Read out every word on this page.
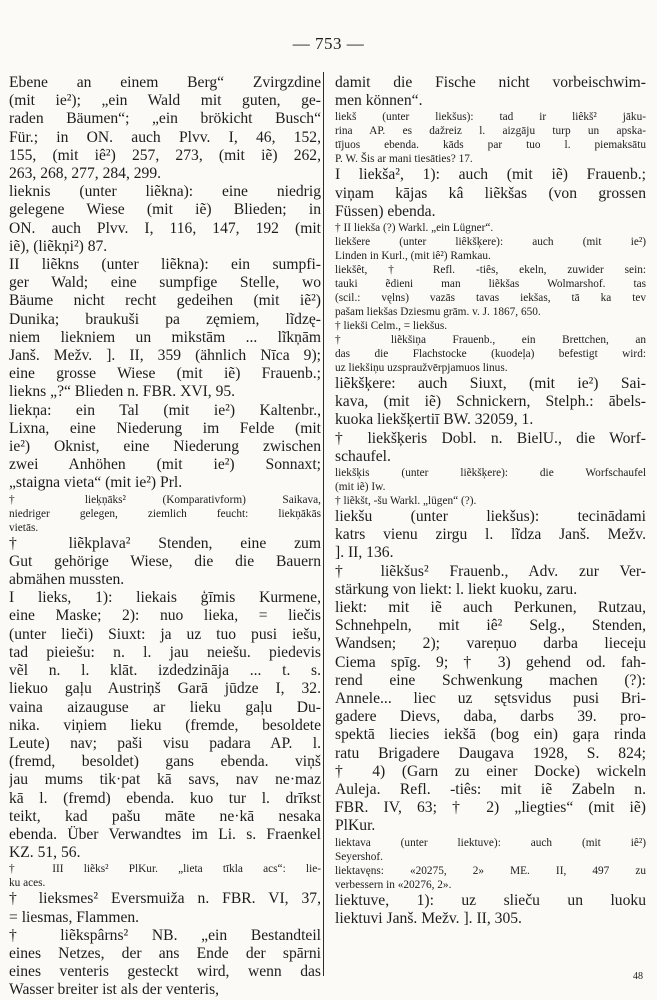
— 753 —
Ebene an einem Berg“ Zvirgzdine
(mit ie²); „ein Wald mit guten, ge-
raden Bäumen“; „ein brökicht Busch“
Für.; in ON. auch Plvv. I, 46, 152,
155, (mit iê²) 257, 273, (mit iẽ) 262,
263, 268, 277, 284, 299.
lieknis (unter liẽkna): eine niedrig
gelegene Wiese (mit iẽ) Blieden; in
ON. auch Plvv. I, 116, 147, 192 (mit
iẽ), (liẽkņi²) 87.
II liẽkns (unter liẽkna): ein sumpfi-
ger Wald; eine sumpfige Stelle, wo
Bäume nicht recht gedeihen (mit iẽ²)
Dunika; braukuši pa zęmiem, lĩdzę-
niem liekniem un mikstām ... lĩkņām
Janš. Mežv. ]. II, 359 (ähnlich Nīca 9);
eine grosse Wiese (mit iẽ) Frauenb.;
liekns „?“ Blieden n. FBR. XVI, 95.
liekņa: ein Tal (mit ie²) Kaltenbr.,
Lixna, eine Niederung im Felde (mit
ie²) Oknist, eine Niederung zwischen
zwei Anhöhen (mit ie²) Sonnaxt;
„staigna vieta“ (mit ie²) Prl.
† lieķņāks² (Komparativform) Saikava,
niedriger gelegen, ziemlich feucht: liekņākās
vietās.
† liẽkplava² Stenden, eine zum
Gut gehörige Wiese, die die Bauern
abmähen mussten.
I lieks, 1): liekais ģīmis Kurmene,
eine Maske; 2): nuo lieka, = liečis
(unter lieči) Siuxt: ja uz tuo pusi iešu,
tad pieiešu: n. l. jau neiešu. piedevis
vẽl n. l. klāt. izdedzināja ... t. s.
liekuo gaļu Austriņš Garā jūdze I, 32.
vaina aizauguse ar lieku gaļu Du-
nika. viņiem lieku (fremde, besoldete
Leute) nav; paši visu padara AP. l.
(fremd, besoldet) gans ebenda. viņš
jau mums tik·pat kā savs, nav ne·maz
kā l. (fremd) ebenda. kuo tur l. drīkst
teikt, kad pašu māte ne·kā nesaka
ebenda. Über Verwandtes im Li. s. Fraenkel
KZ. 51, 56.
† III liẽks² PlKur. „lieta tīkla acs“: lie-
ku aces.
† lieksmes² Eversmuiža n. FBR. VI, 37,
= liesmas, Flammen.
† liẽkspârns² NB. „ein Bestandteil
eines Netzes, der ans Ende der spārni
eines venteris gesteckt wird, wenn das
Wasser breiter ist als der venteris,
damit die Fische nicht vorbeischwim-
men können“.
liekš (unter liekšus): tad ir liêkš² jāku-
rina AP. es dažreiz l. aizgāju turp un apska-
tījuos ebenda. kāds par tuo l. piemaksātu
P. W. Šis ar mani tiesāties? 17.
I liekša², 1): auch (mit iẽ) Frauenb.;
viņam kājas kâ liẽkšas (von grossen
Füssen) ebenda.
† II liekša (?) Warkl. „ein Lügner“.
liekšere (unter liêkšķere): auch (mit ie²)
Linden in Kurl., (mit iê²) Ramkau.
liekšêt, † Refl. -tiês, ekeln, zuwider sein:
tauki ẽdieni man liẽkšas Wolmarshof. tas
(scil.: vęlns) vazās tavas iekšas, tā ka tev
pašam liekšas Dziesmu grām. v. J. 1867, 650.
† liekši Celm., = liekšus.
† liẽkšiņa Frauenb., ein Brettchen, an
das die Flachstocke (kuodeļa) befestigt wird:
uz liekšiņu uzspraužvērpjamuos linus.
liẽkšķere: auch Siuxt, (mit ie²) Sai-
kava, (mit iẽ) Schnickern, Stelph.: ābels-
kuoka liekšķertiī BW. 32059, 1.
† liekšķeris Dobl. n. BielU., die Worf-
schaufel.
liekšķis (unter liẽkšķere): die Worfschaufel
(mit iẽ) Iw.
† liẽkšt, -šu Warkl. „lügen“ (?).
liekšu (unter liekšus): tecinādami
katrs vienu zirgu l. lĩdza Janš. Mežv.
]. II, 136.
† liẽkšus² Frauenb., Adv. zur Ver-
stärkung von liekt: l. liekt kuoku, zaru.
liekt: mit iẽ auch Perkunen, Rutzau,
Schnehpeln, mit iê² Selg., Stenden,
Wandsen; 2); vareņuo darba lieceįu
Ciema spīg. 9; † 3) gehend od. fah-
rend eine Schwenkung machen (?):
Annele... liec uz sętsvidus pusi Bri-
gadere Dievs, daba, darbs 39. pro-
spektā liecies iekšā (bog ein) gaŗa rinda
ratu Brigadere Daugava 1928, S. 824;
† 4) (Garn zu einer Docke) wickeln
Auleja. Refl. -tiês: mit iẽ Zabeln n.
FBR. IV, 63; † 2) „liegties“ (mit iẽ)
PlKur.
liektava (unter liektuve): auch (mit iê²)
Seyershof.
liektavęns: «20275, 2» ME. II, 497 zu
verbessern in «20276, 2».
liektuve, 1): uz slieču un luoku
liektuvi Janš. Mežv. ]. II, 305.
48
